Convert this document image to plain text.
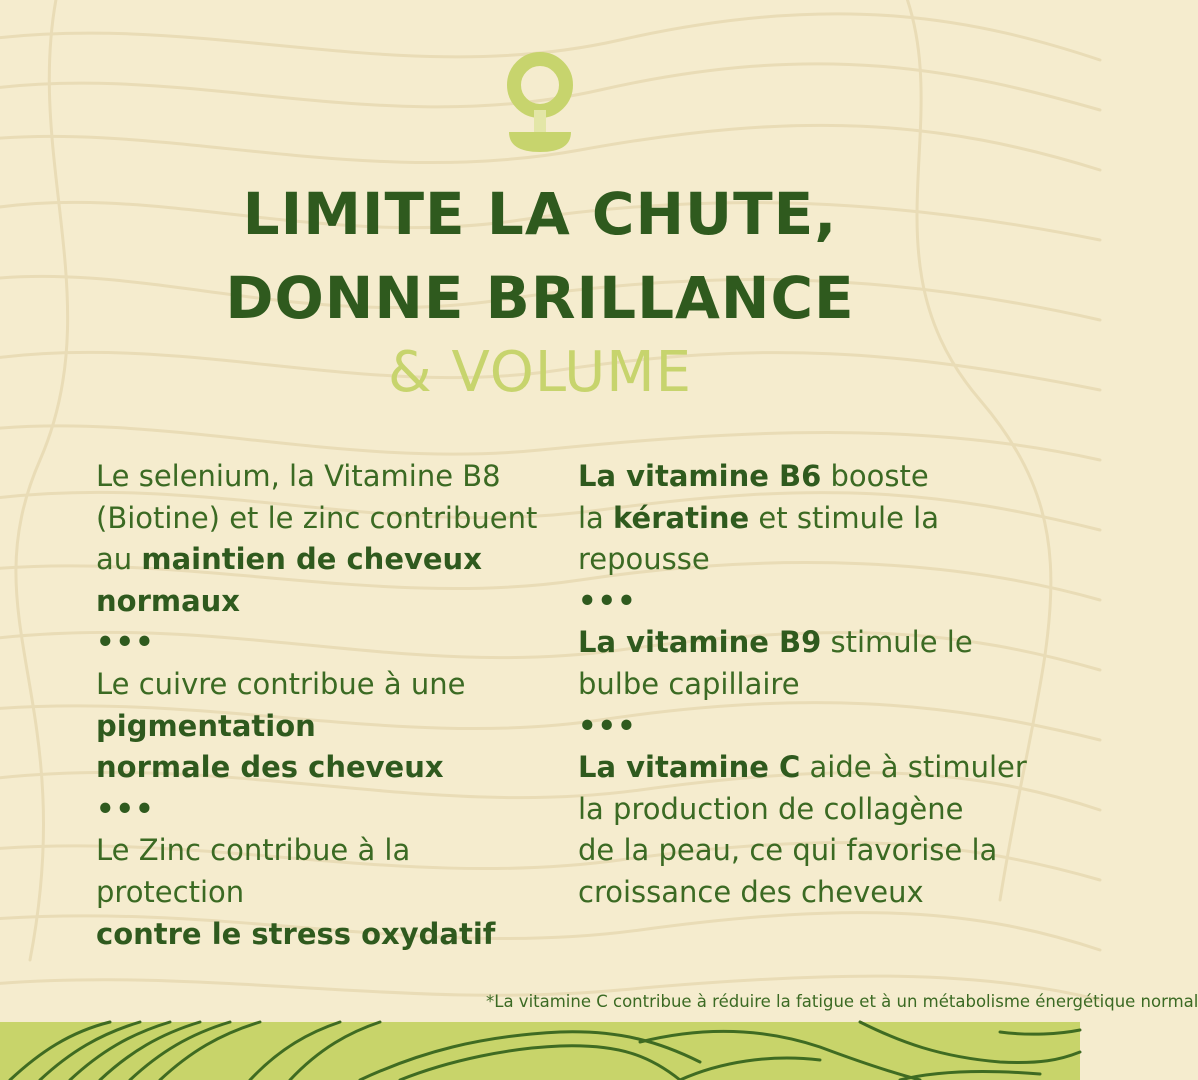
LIMITE LA CHUTE,
DONNE BRILLANCE
& VOLUME

Le selenium, la Vitamine B8

(Biotine) et le zinc contribuent

au maintien de cheveux

normaux

•••

Le cuivre contribue à une

pigmentation

normale des cheveux

•••

Le Zinc contribue à la

protection

contre le stress oxydatif

La vitamine B6 booste

la kératine et stimule la

repousse

•••

La vitamine B9 stimule le

bulbe capillaire

•••

La vitamine C aide à stimuler

la production de collagène

de la peau, ce qui favorise la

croissance des cheveux

*La vitamine C contribue à réduire la fatigue et à un métabolisme énergétique normal
